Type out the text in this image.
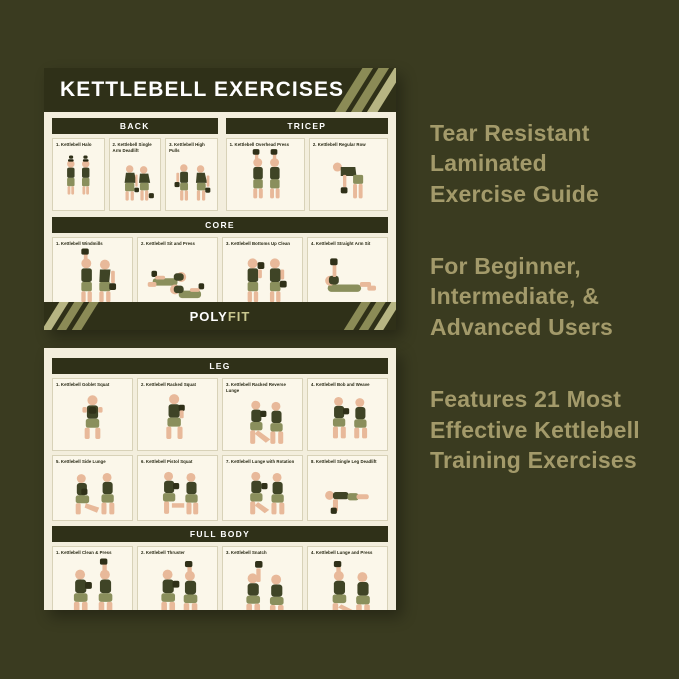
Tear Resistant
Laminated
Exercise Guide
For Beginner,
Intermediate, &
Advanced Users
Features 21 Most
Effective Kettlebell
Training Exercises
KETTLEBELL EXERCISES
BACK	TRICEP
1. Kettlebell Halo	2. Kettlebell Single Arm Deadlift
3. Kettlebell High Pulls
1. Kettlebell Overhead Press	2. Kettlebell Regular Row
CORE
1. Kettlebell Windmills	2. Kettlebell Sit and Press	3. Kettlebell Bottoms Up Clean	4. Kettlebell Straight Arm Sit
POLYFIT
LEG
1. Kettlebell Goblet Squat	2. Kettlebell Racked Squat	3. Kettlebell Racked Reverse Lunge
4. Kettlebell Bob and Weave
5. Kettlebell Side Lunge	6. Kettlebell Pistol Squat	7. Kettlebell Lunge with Rotation	8. Kettlebell Single Leg Deadlift
FULL BODY
1. Kettlebell Clean & Press	2. Kettlebell Thruster	3. Kettlebell Snatch	4. Kettlebell Lunge and Press
